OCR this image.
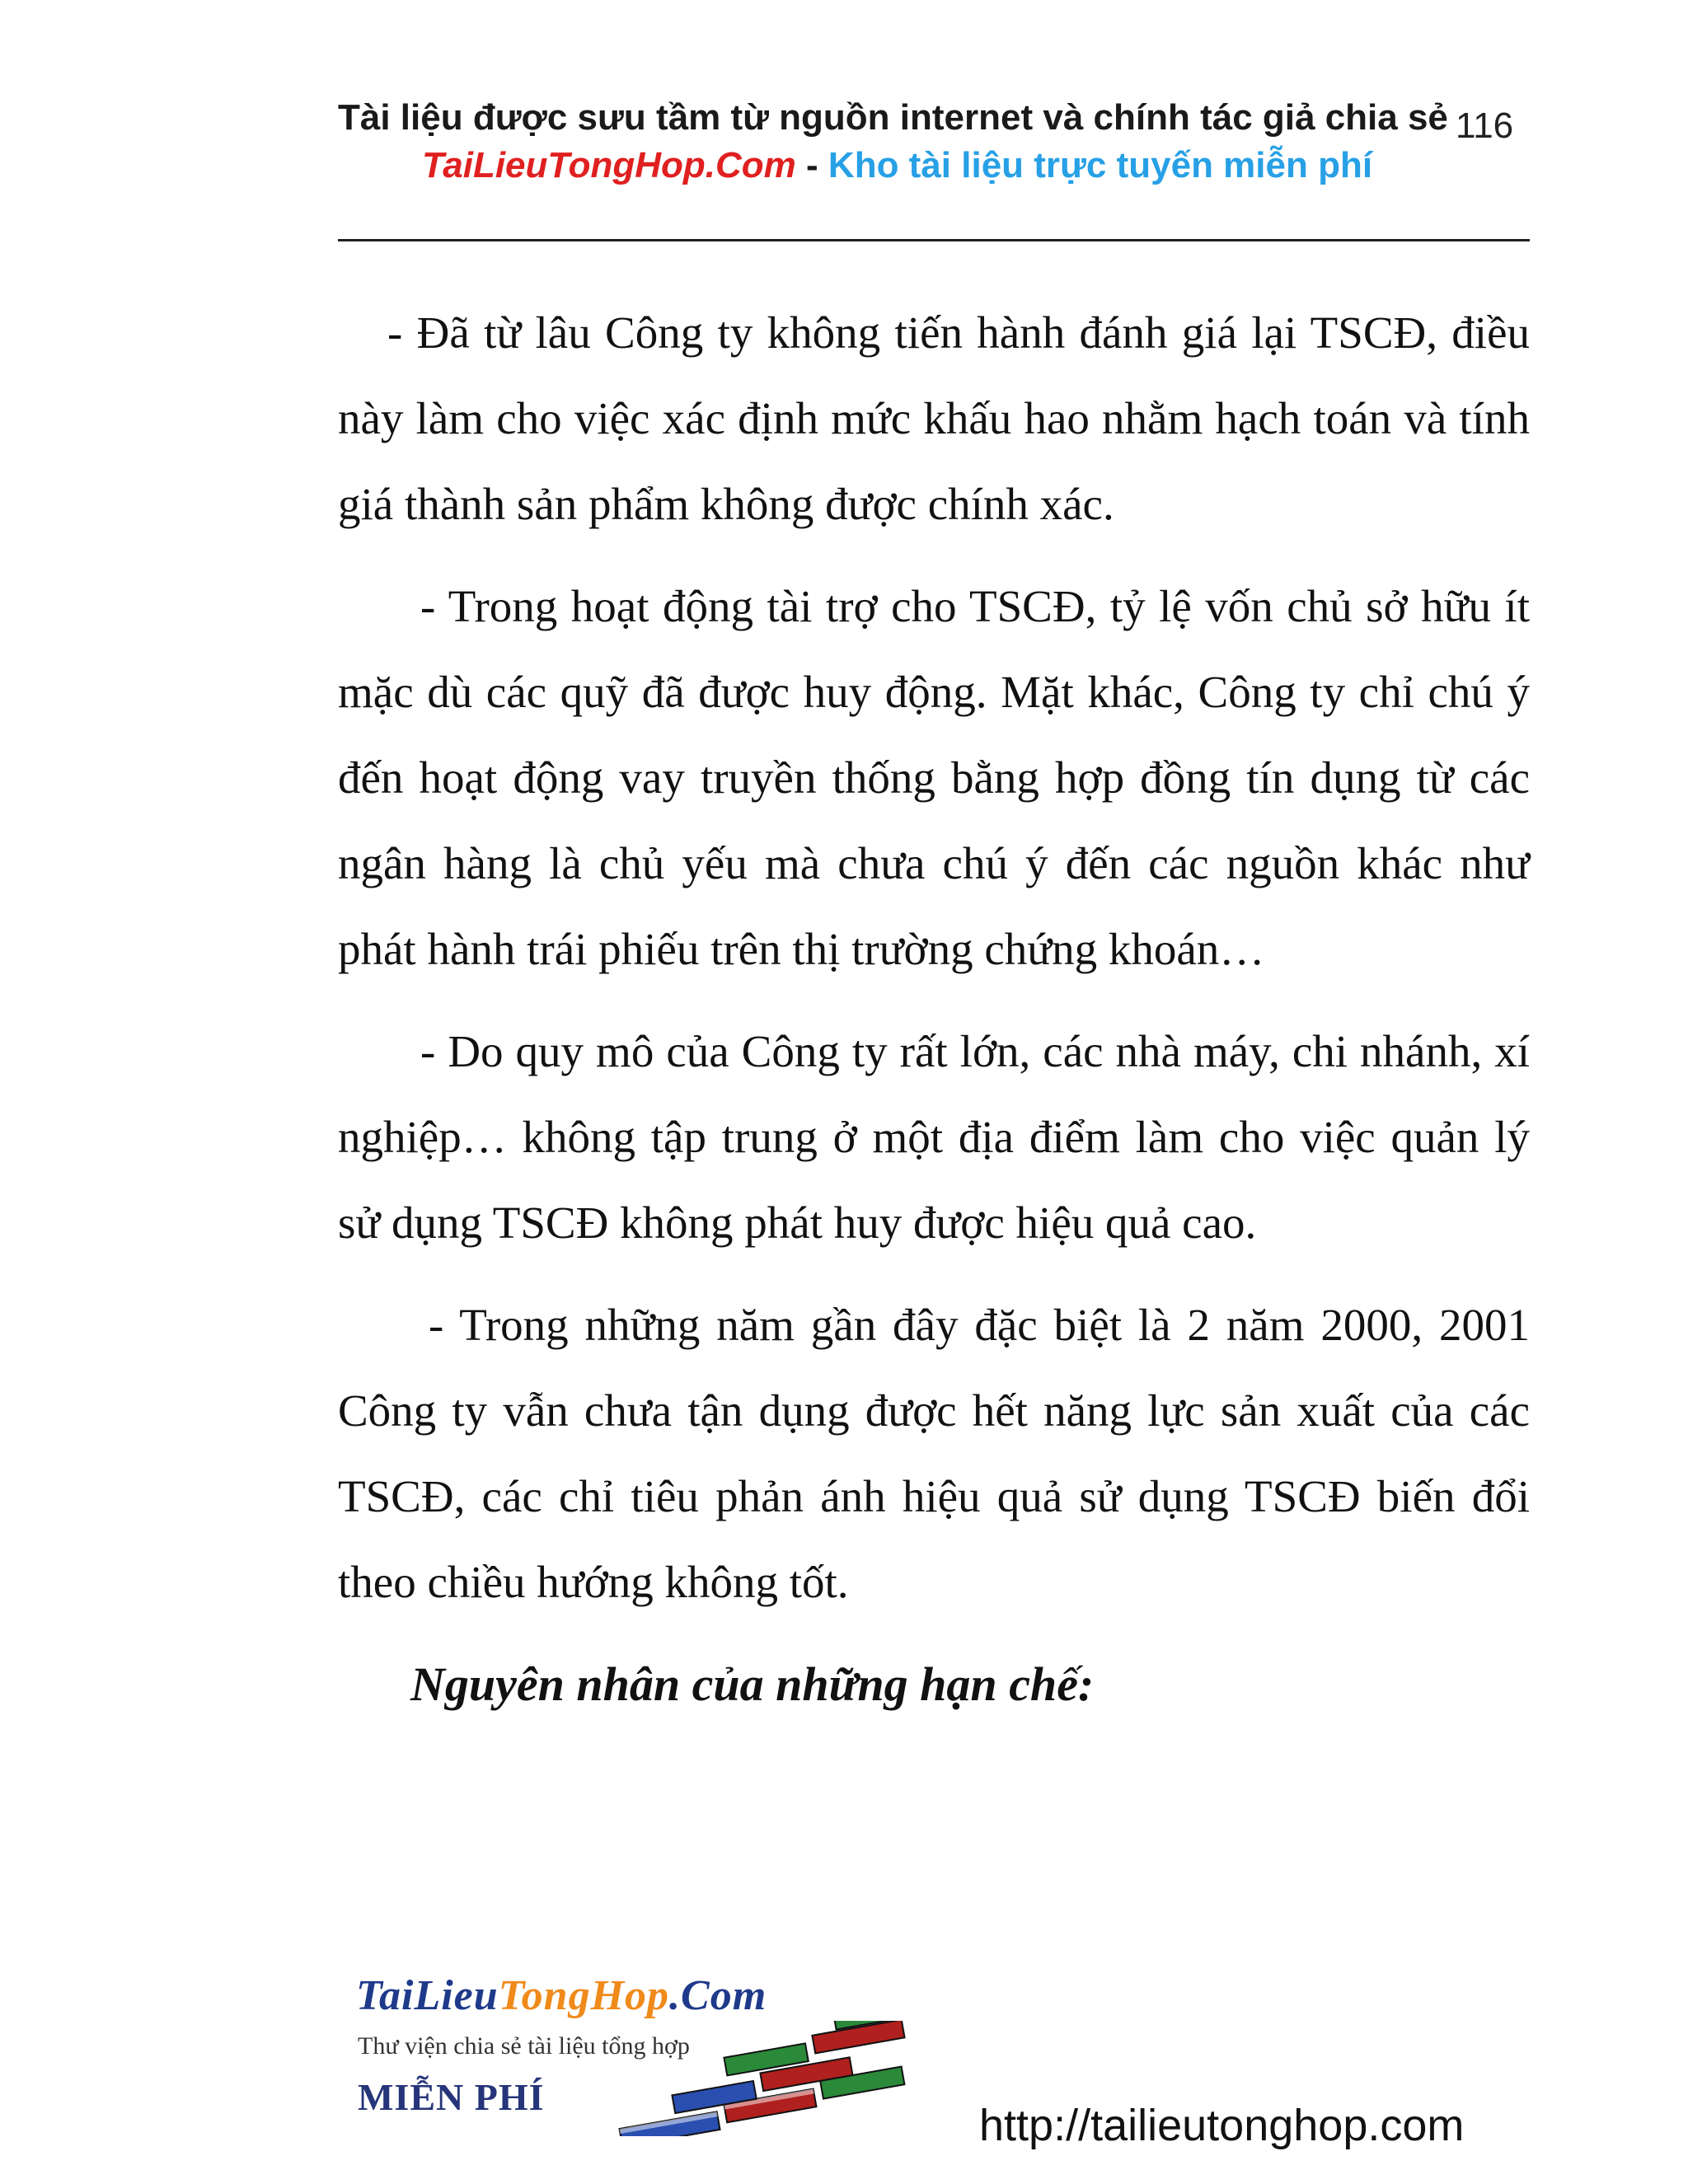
Tài liệu được sưu tầm từ nguồn internet và chính tác giả chia sẻ 116
TaiLieuTongHop.Com - Kho tài liệu trực tuyến miễn phí

- Đã từ lâu Công ty không tiến hành đánh giá lại TSCĐ, điều này làm cho việc xác định mức khấu hao nhằm hạch toán và tính giá thành sản phẩm không được chính xác.

- Trong hoạt động tài trợ cho TSCĐ, tỷ lệ vốn chủ sở hữu ít mặc dù các quỹ đã được huy động. Mặt khác, Công ty chỉ chú ý đến hoạt động vay truyền thống bằng hợp đồng tín dụng từ các ngân hàng là chủ yếu mà chưa chú ý đến các nguồn khác như phát hành trái phiếu trên thị trường chứng khoán…

- Do quy mô của Công ty rất lớn, các nhà máy, chi nhánh, xí nghiệp… không tập trung ở một địa điểm làm cho việc quản lý sử dụng TSCĐ không phát huy được hiệu quả cao.

- Trong những năm gần đây đặc biệt là 2 năm 2000, 2001 Công ty vẫn chưa tận dụng được hết năng lực sản xuất của các TSCĐ, các chỉ tiêu phản ánh hiệu quả sử dụng TSCĐ biến đổi theo chiều hướng không tốt.

Nguyên nhân của những hạn chế:

TaiLieuTongHop.Com
Thư viện chia sẻ tài liệu tổng hợp
MIỄN PHÍ
http://tailieutonghop.com
